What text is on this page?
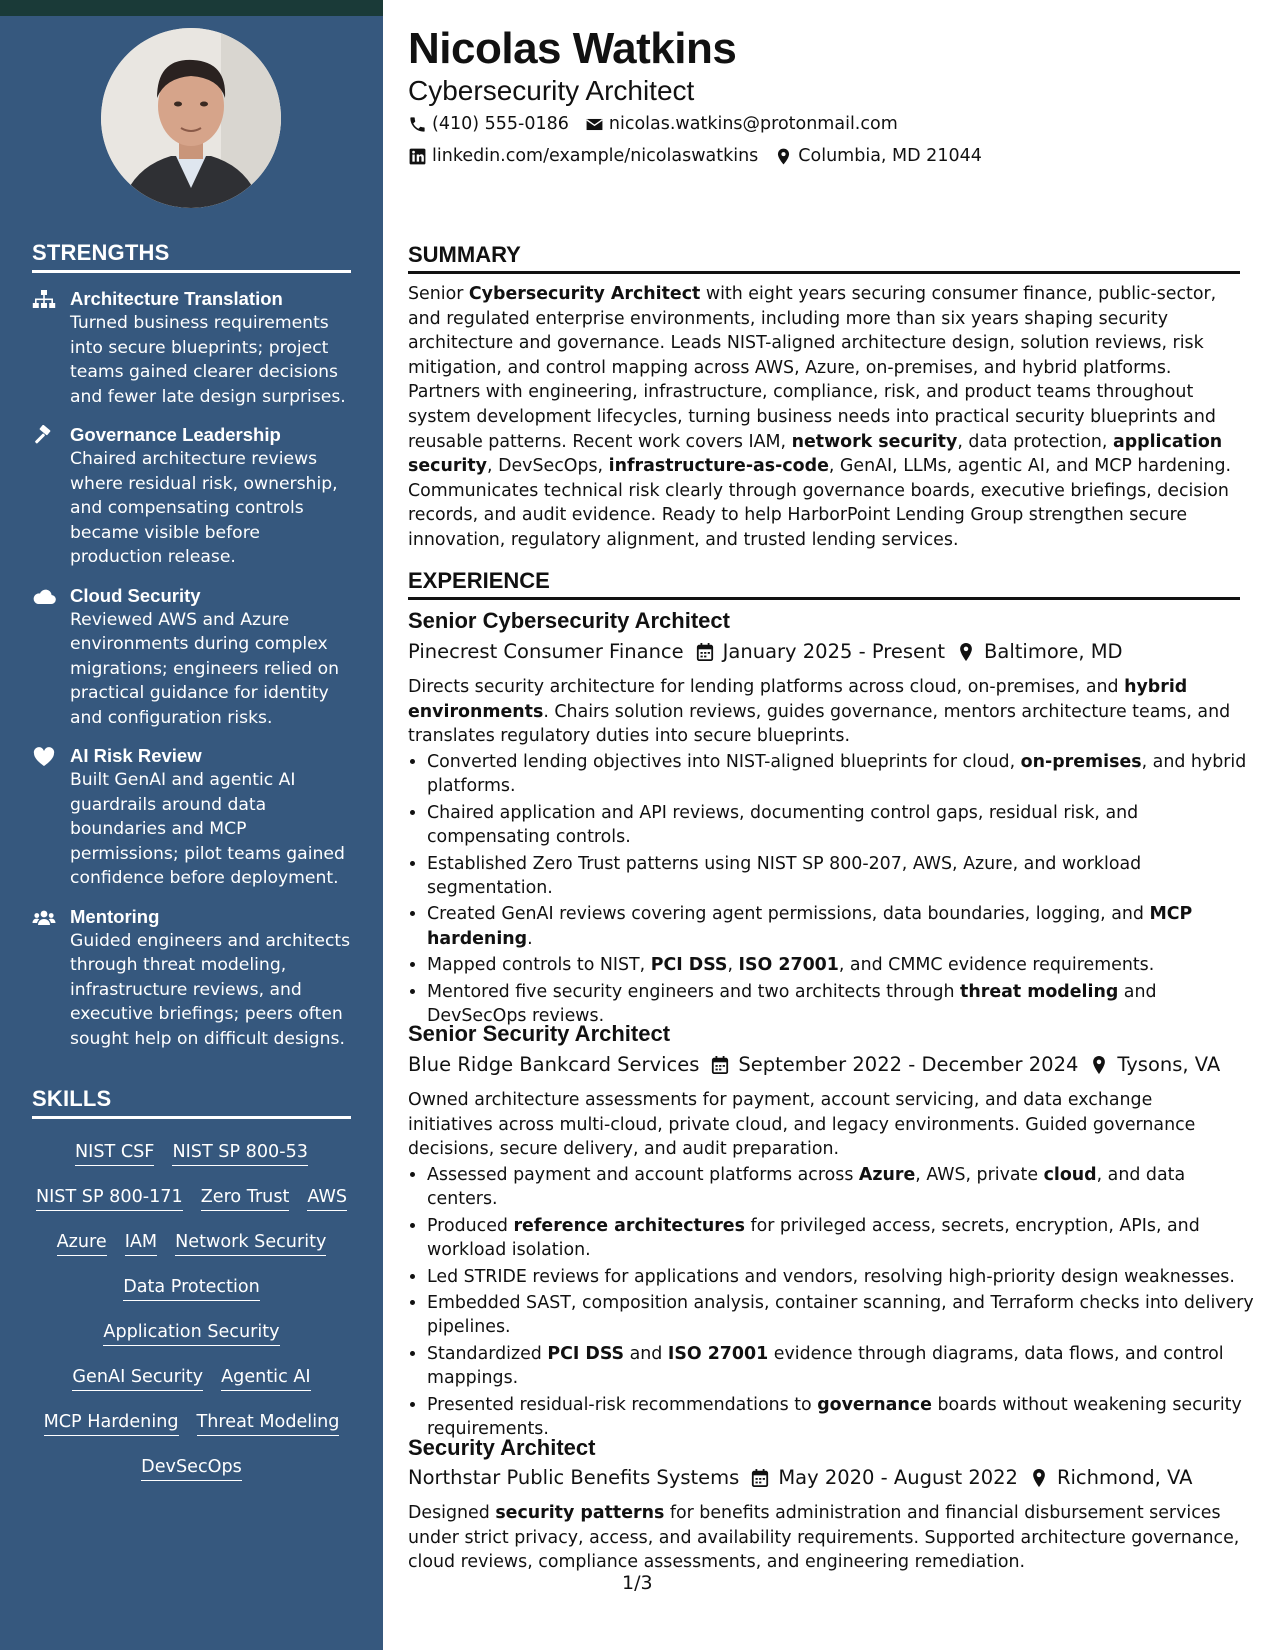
STRENGTHS
Architecture Translation
Turned business requirements into secure blueprints; project teams gained clearer decisions and fewer late design surprises.
Governance Leadership
Chaired architecture reviews where residual risk, ownership, and compensating controls became visible before production release.
Cloud Security
Reviewed AWS and Azure environments during complex migrations; engineers relied on practical guidance for identity and configuration risks.
AI Risk Review
Built GenAI and agentic AI guardrails around data boundaries and MCP permissions; pilot teams gained confidence before deployment.
Mentoring
Guided engineers and architects through threat modeling, infrastructure reviews, and executive briefings; peers often sought help on difficult designs.
SKILLS
NIST CSF NIST SP 800-53
NIST SP 800-171 Zero Trust AWS
Azure IAM Network Security
Data Protection
Application Security
GenAI Security Agentic AI
MCP Hardening Threat Modeling
DevSecOps
Nicolas Watkins
Cybersecurity Architect
(410) 555-0186 nicolas.watkins@protonmail.com
linkedin.com/example/nicolaswatkins Columbia, MD 21044
SUMMARY
Senior Cybersecurity Architect with eight years securing consumer finance, public-sector, and regulated enterprise environments, including more than six years shaping security architecture and governance. Leads NIST-aligned architecture design, solution reviews, risk mitigation, and control mapping across AWS, Azure, on-premises, and hybrid platforms. Partners with engineering, infrastructure, compliance, risk, and product teams throughout system development lifecycles, turning business needs into practical security blueprints and reusable patterns. Recent work covers IAM, network security, data protection, application security, DevSecOps, infrastructure-as-code, GenAI, LLMs, agentic AI, and MCP hardening. Communicates technical risk clearly through governance boards, executive briefings, decision records, and audit evidence. Ready to help HarborPoint Lending Group strengthen secure innovation, regulatory alignment, and trusted lending services.
EXPERIENCE
Senior Cybersecurity Architect
Pinecrest Consumer Finance January 2025 - Present Baltimore, MD
Directs security architecture for lending platforms across cloud, on-premises, and hybrid environments. Chairs solution reviews, guides governance, mentors architecture teams, and translates regulatory duties into secure blueprints.
• Converted lending objectives into NIST-aligned blueprints for cloud, on-premises, and hybrid platforms.
• Chaired application and API reviews, documenting control gaps, residual risk, and compensating controls.
• Established Zero Trust patterns using NIST SP 800-207, AWS, Azure, and workload segmentation.
• Created GenAI reviews covering agent permissions, data boundaries, logging, and MCP hardening.
• Mapped controls to NIST, PCI DSS, ISO 27001, and CMMC evidence requirements.
• Mentored five security engineers and two architects through threat modeling and DevSecOps reviews.
Senior Security Architect
Blue Ridge Bankcard Services September 2022 - December 2024 Tysons, VA
Owned architecture assessments for payment, account servicing, and data exchange initiatives across multi-cloud, private cloud, and legacy environments. Guided governance decisions, secure delivery, and audit preparation.
• Assessed payment and account platforms across Azure, AWS, private cloud, and data centers.
• Produced reference architectures for privileged access, secrets, encryption, APIs, and workload isolation.
• Led STRIDE reviews for applications and vendors, resolving high-priority design weaknesses.
• Embedded SAST, composition analysis, container scanning, and Terraform checks into delivery pipelines.
• Standardized PCI DSS and ISO 27001 evidence through diagrams, data flows, and control mappings.
• Presented residual-risk recommendations to governance boards without weakening security requirements.
Security Architect
Northstar Public Benefits Systems May 2020 - August 2022 Richmond, VA
Designed security patterns for benefits administration and financial disbursement services under strict privacy, access, and availability requirements. Supported architecture governance, cloud reviews, compliance assessments, and engineering remediation.
1/3
